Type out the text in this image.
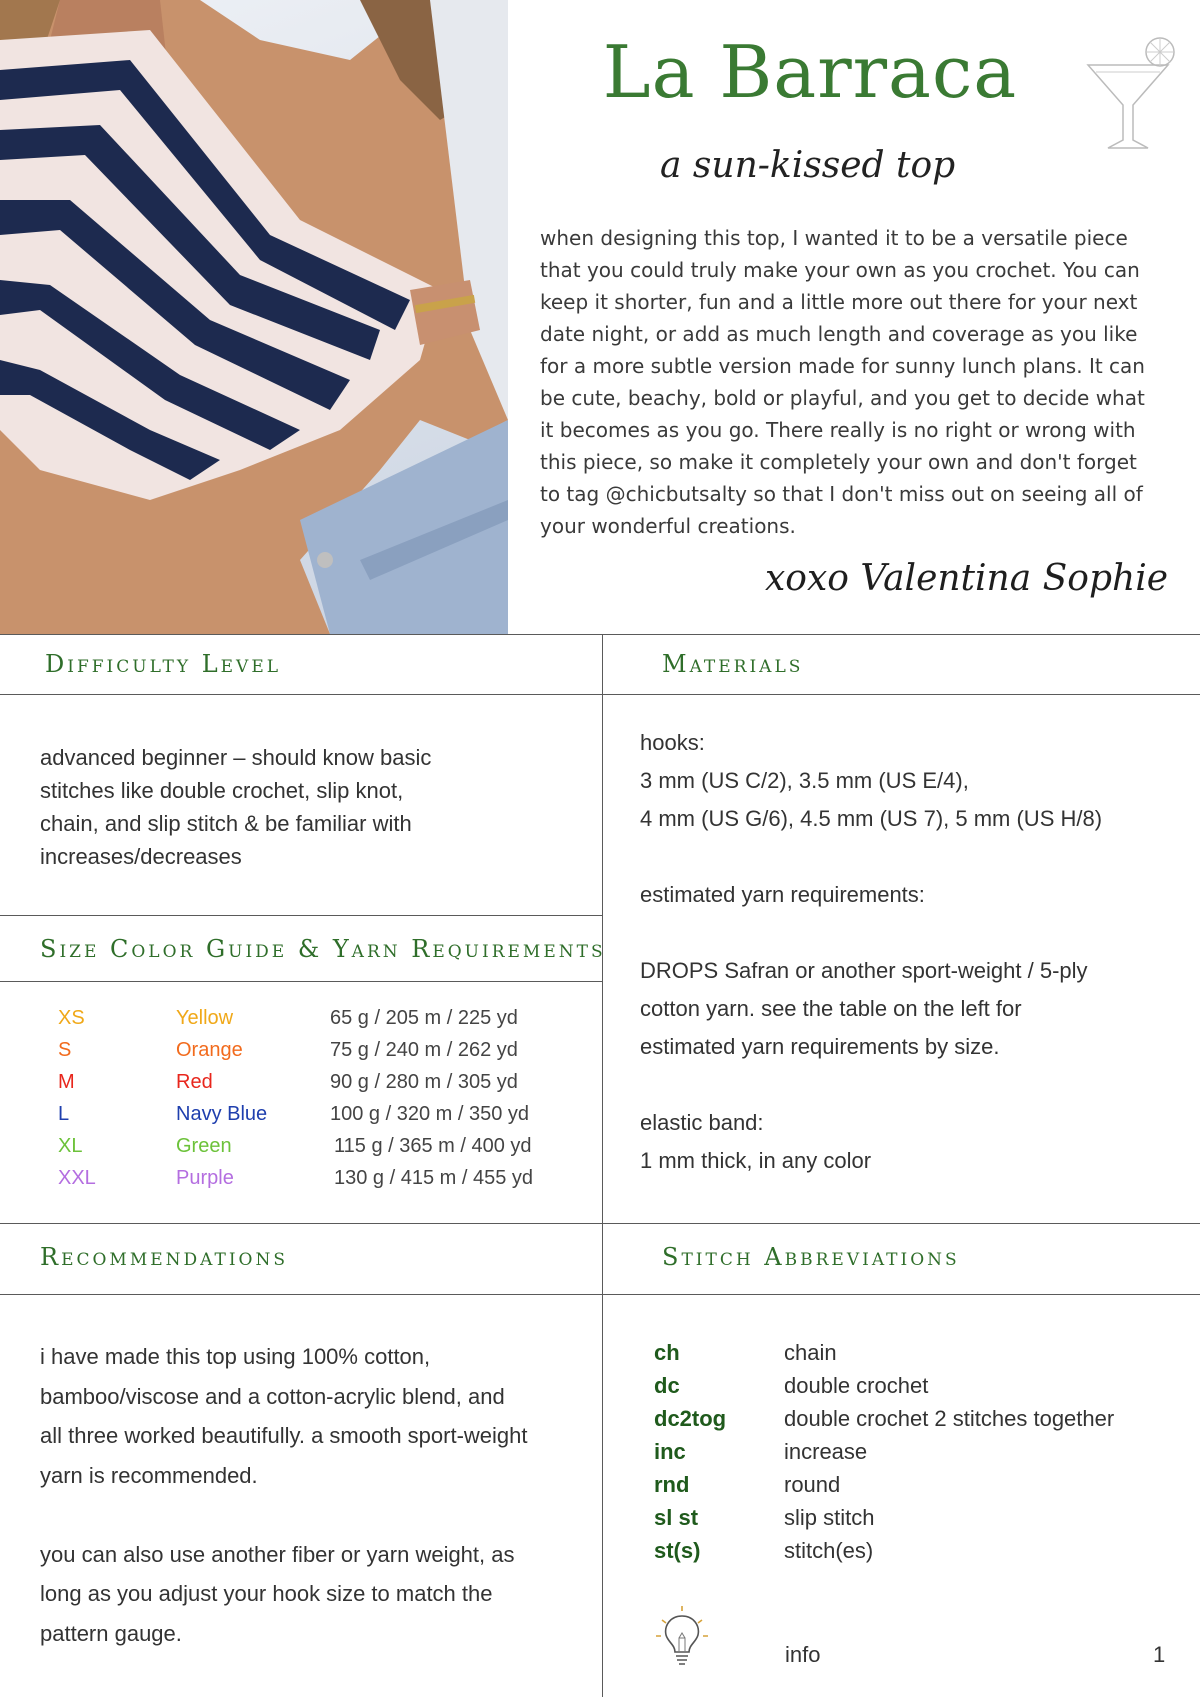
La Barraca
a sun-kissed top
when designing this top, I wanted it to be a versatile piece that you could truly make your own as you crochet. You can keep it shorter, fun and a little more out there for your next date night, or add as much length and coverage as you like for a more subtle version made for sunny lunch plans. It can be cute, beachy, bold or playful, and you get to decide what it becomes as you go. There really is no right or wrong with this piece, so make it completely your own and don't forget to tag @chicbutsalty so that I don't miss out on seeing all of your wonderful creations.
xoxo Valentina Sophie
Difficulty Level
advanced beginner – should know basic
stitches like double crochet, slip knot,
chain, and slip stitch & be familiar with
increases/decreases
Materials
hooks:
3 mm (US C/2), 3.5 mm (US E/4),
4 mm (US G/6), 4.5 mm (US 7), 5 mm (US H/8)
estimated yarn requirements:
DROPS Safran or another sport-weight / 5-ply
cotton yarn. see the table on the left for
estimated yarn requirements by size.
elastic band:
1 mm thick, in any color
Size Color Guide & Yarn Requirements
XS	Yellow	65 g / 205 m / 225 yd
S	Orange	75 g / 240 m / 262 yd
M	Red	90 g / 280 m / 305 yd
L	Navy Blue	100 g / 320 m / 350 yd
XL	Green	115 g / 365 m / 400 yd
XXL	Purple	130 g / 415 m / 455 yd
Recommendations
i have made this top using 100% cotton,
bamboo/viscose and a cotton-acrylic blend, and
all three worked beautifully. a smooth sport-weight
yarn is recommended.
you can also use another fiber or yarn weight, as
long as you adjust your hook size to match the
pattern gauge.
Stitch Abbreviations
ch	chain
dc	double crochet
dc2tog	double crochet 2 stitches together
inc	increase
rnd	round
sl st	slip stitch
st(s)	stitch(es)
info	1
